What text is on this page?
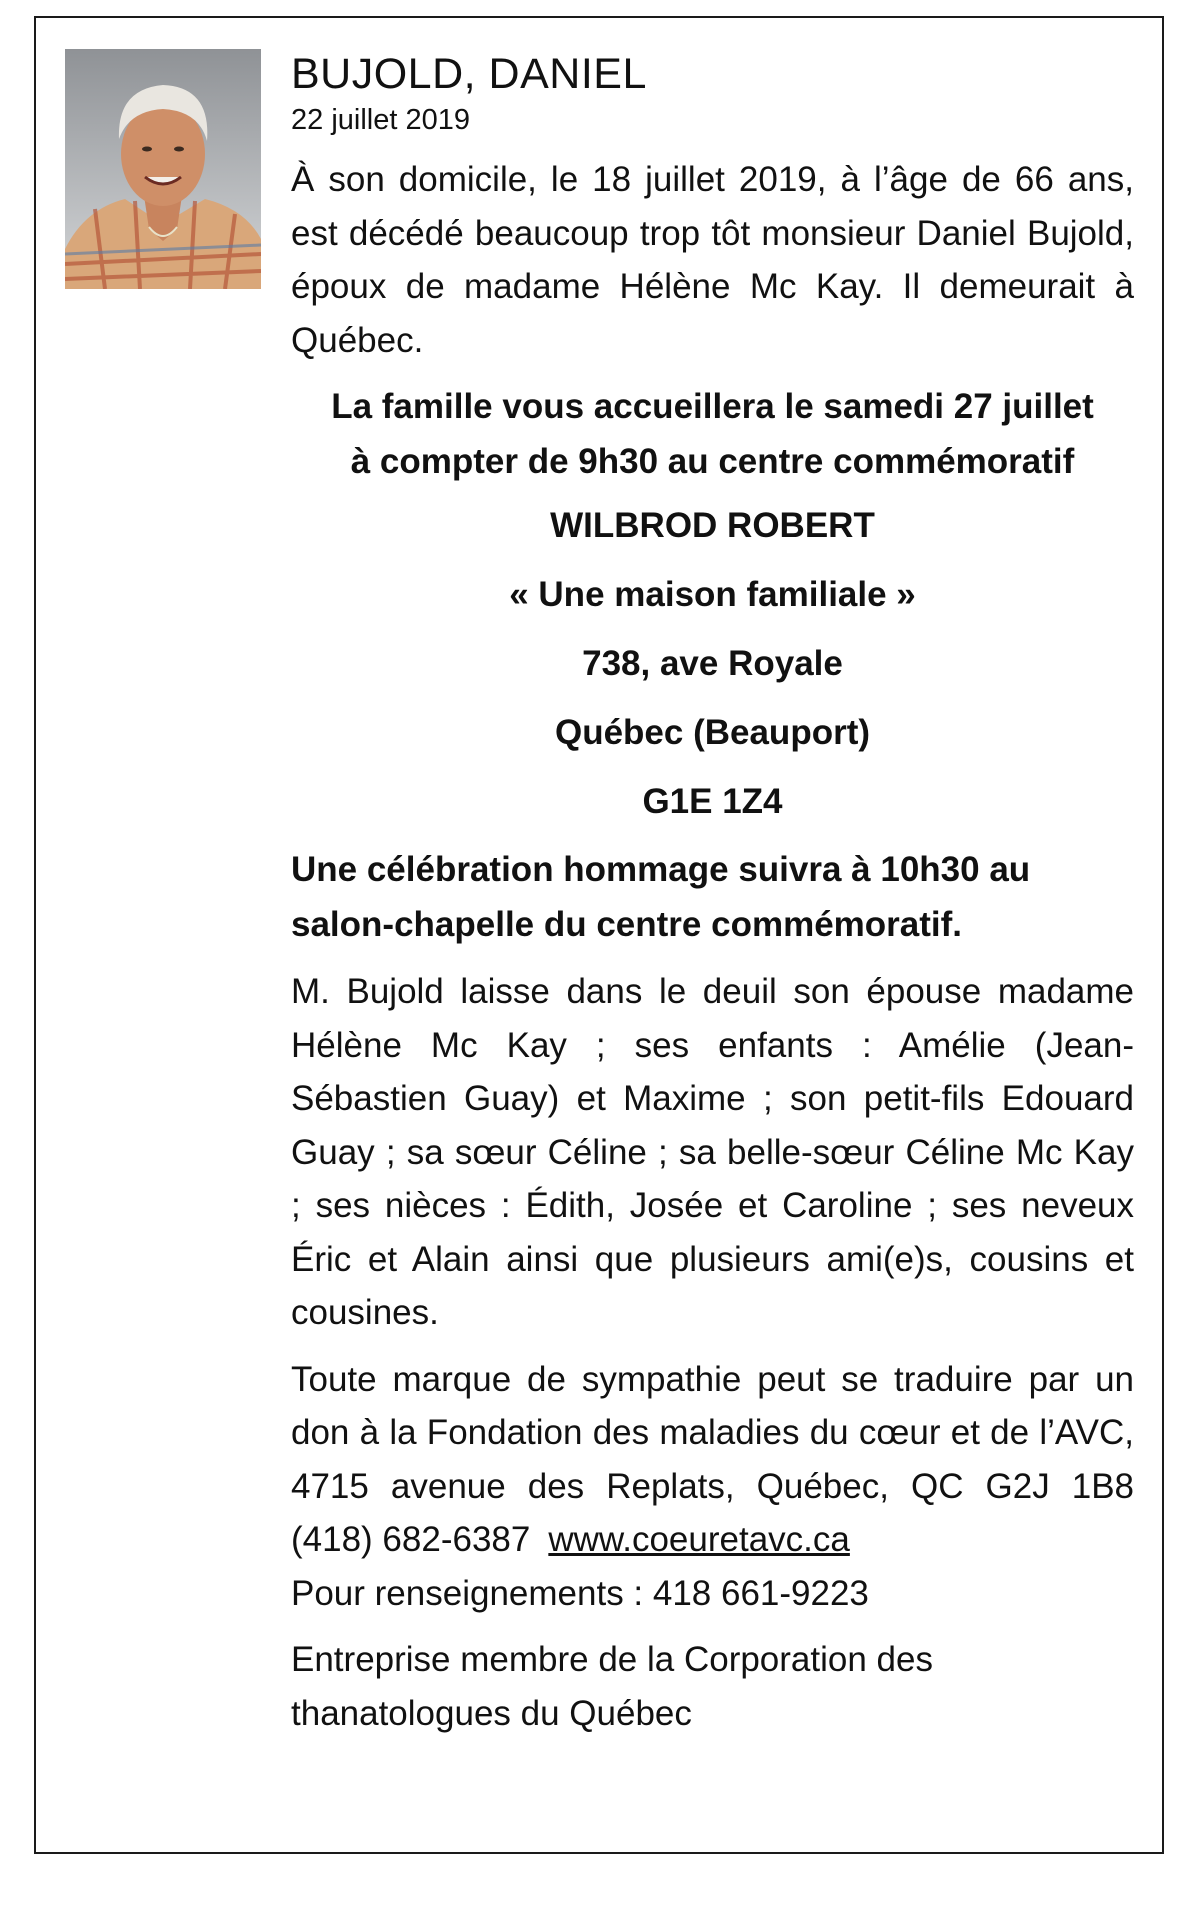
BUJOLD, DANIEL

22 juillet 2019

À son domicile, le 18 juillet 2019, à l’âge de 66 ans, est décédé beaucoup trop tôt monsieur Daniel Bujold, époux de madame Hélène Mc Kay. Il demeurait à Québec.

La famille vous accueillera le samedi 27 juillet

à compter de 9h30 au centre commémoratif

WILBROD ROBERT

« Une maison familiale »

738, ave Royale

Québec (Beauport)

G1E 1Z4

Une célébration hommage suivra à 10h30 au salon-chapelle du centre commémoratif.

M. Bujold laisse dans le deuil son épouse madame Hélène Mc Kay ; ses enfants : Amélie (Jean-Sébastien Guay) et Maxime ; son petit-fils Edouard Guay ; sa sœur Céline ; sa belle-sœur Céline Mc Kay ; ses nièces : Édith, Josée et Caroline ; ses neveux Éric et Alain ainsi que plusieurs ami(e)s, cousins et cousines.

Toute marque de sympathie peut se traduire par un don à la Fondation des maladies du cœur et de l’AVC, 4715 avenue des Replats, Québec, QC G2J 1B8 (418) 682-6387 www.coeuretavc.ca

Pour renseignements : 418 661-9223

Entreprise membre de la Corporation des

thanatologues du Québec
